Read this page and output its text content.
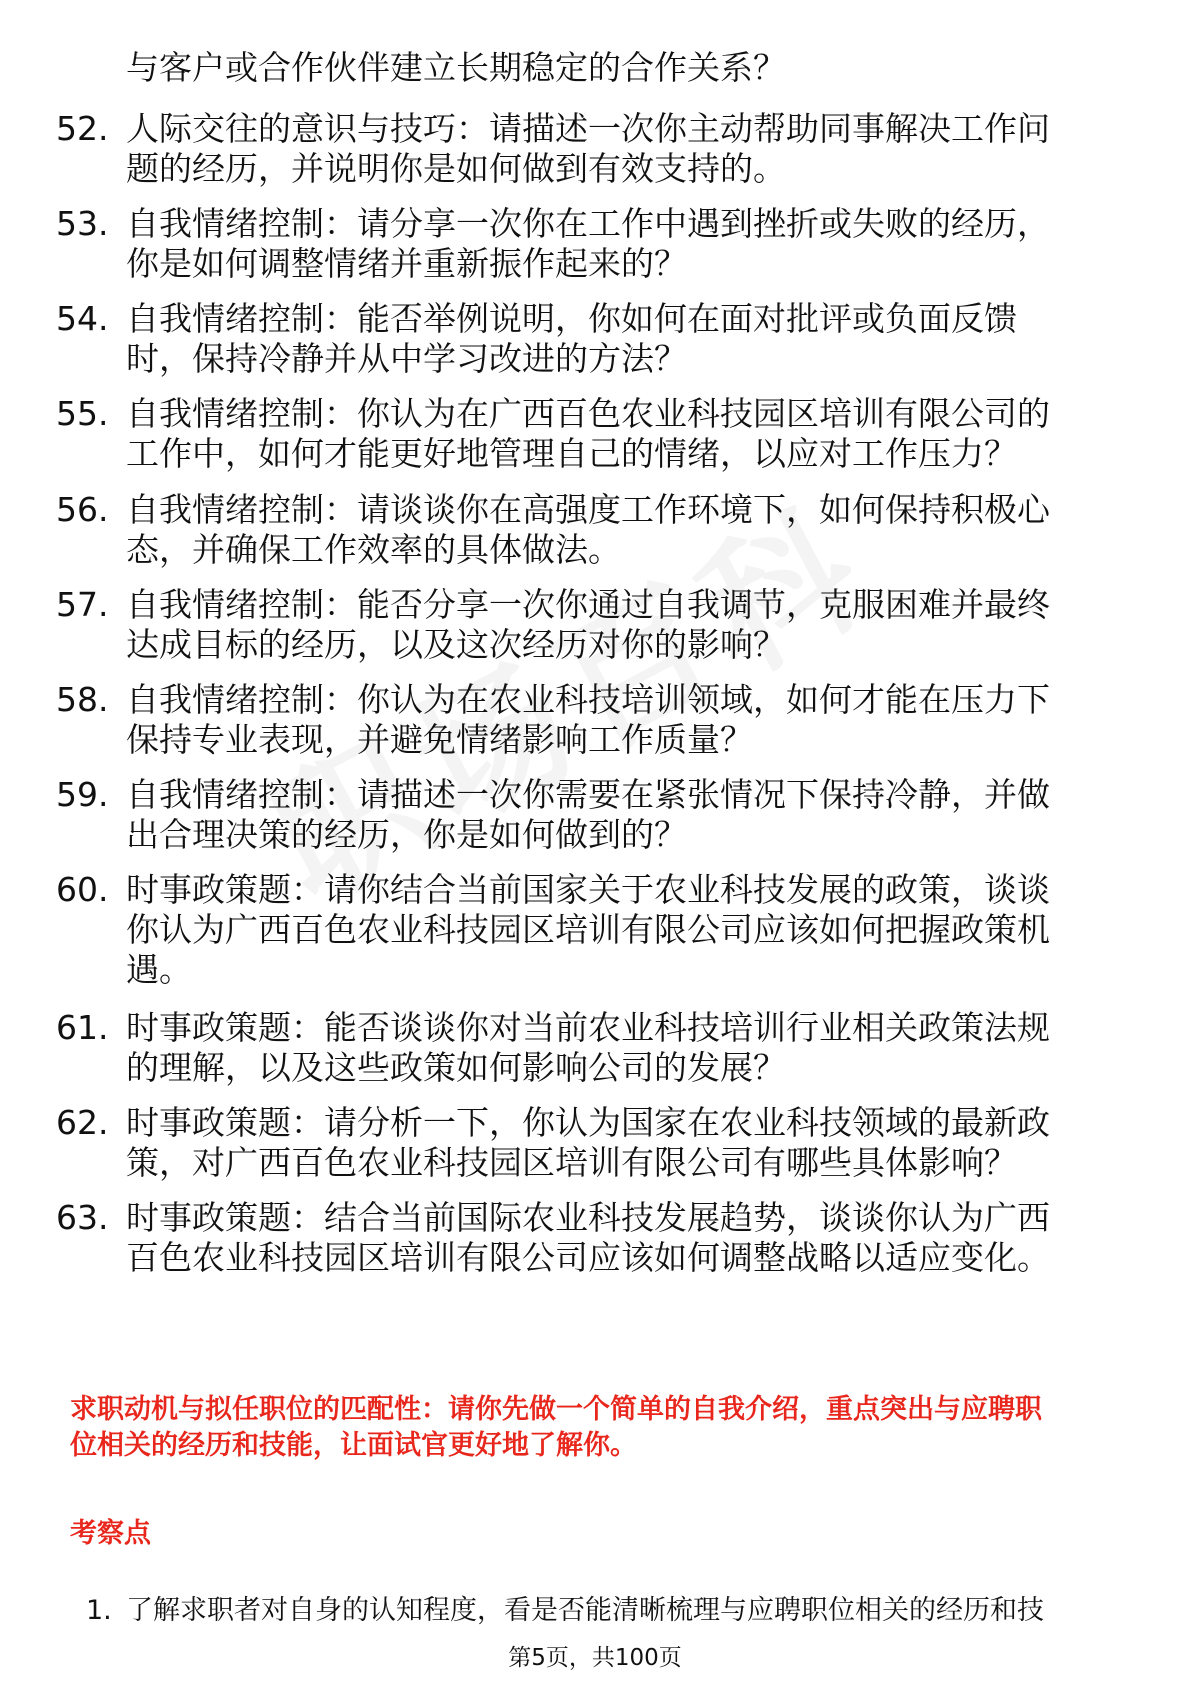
与客户或合作伙伴建立长期稳定的合作关系？
52. 人际交往的意识与技巧：请描述一次你主动帮助同事解决工作问
题的经历，并说明你是如何做到有效支持的。
53. 自我情绪控制：请分享一次你在工作中遇到挫折或失败的经历，
你是如何调整情绪并重新振作起来的？
54. 自我情绪控制：能否举例说明，你如何在面对批评或负面反馈
时，保持冷静并从中学习改进的方法？
55. 自我情绪控制：你认为在广西百色农业科技园区培训有限公司的
工作中，如何才能更好地管理自己的情绪，以应对工作压力？
56. 自我情绪控制：请谈谈你在高强度工作环境下，如何保持积极心
态，并确保工作效率的具体做法。
57. 自我情绪控制：能否分享一次你通过自我调节，克服困难并最终
达成目标的经历，以及这次经历对你的影响？
58. 自我情绪控制：你认为在农业科技培训领域，如何才能在压力下
保持专业表现，并避免情绪影响工作质量？
59. 自我情绪控制：请描述一次你需要在紧张情况下保持冷静，并做
出合理决策的经历，你是如何做到的？
60. 时事政策题：请你结合当前国家关于农业科技发展的政策，谈谈
你认为广西百色农业科技园区培训有限公司应该如何把握政策机
遇。
61. 时事政策题：能否谈谈你对当前农业科技培训行业相关政策法规
的理解，以及这些政策如何影响公司的发展？
62. 时事政策题：请分析一下，你认为国家在农业科技领域的最新政
策，对广西百色农业科技园区培训有限公司有哪些具体影响？
63. 时事政策题：结合当前国际农业科技发展趋势，谈谈你认为广西
百色农业科技园区培训有限公司应该如何调整战略以适应变化。
求职动机与拟任职位的匹配性：请你先做一个简单的自我介绍，重点突出与应聘职
位相关的经历和技能，让面试官更好地了解你。
考察点
1. 了解求职者对自身的认知程度，看是否能清晰梳理与应聘职位相关的经历和技
第5页，共100页
